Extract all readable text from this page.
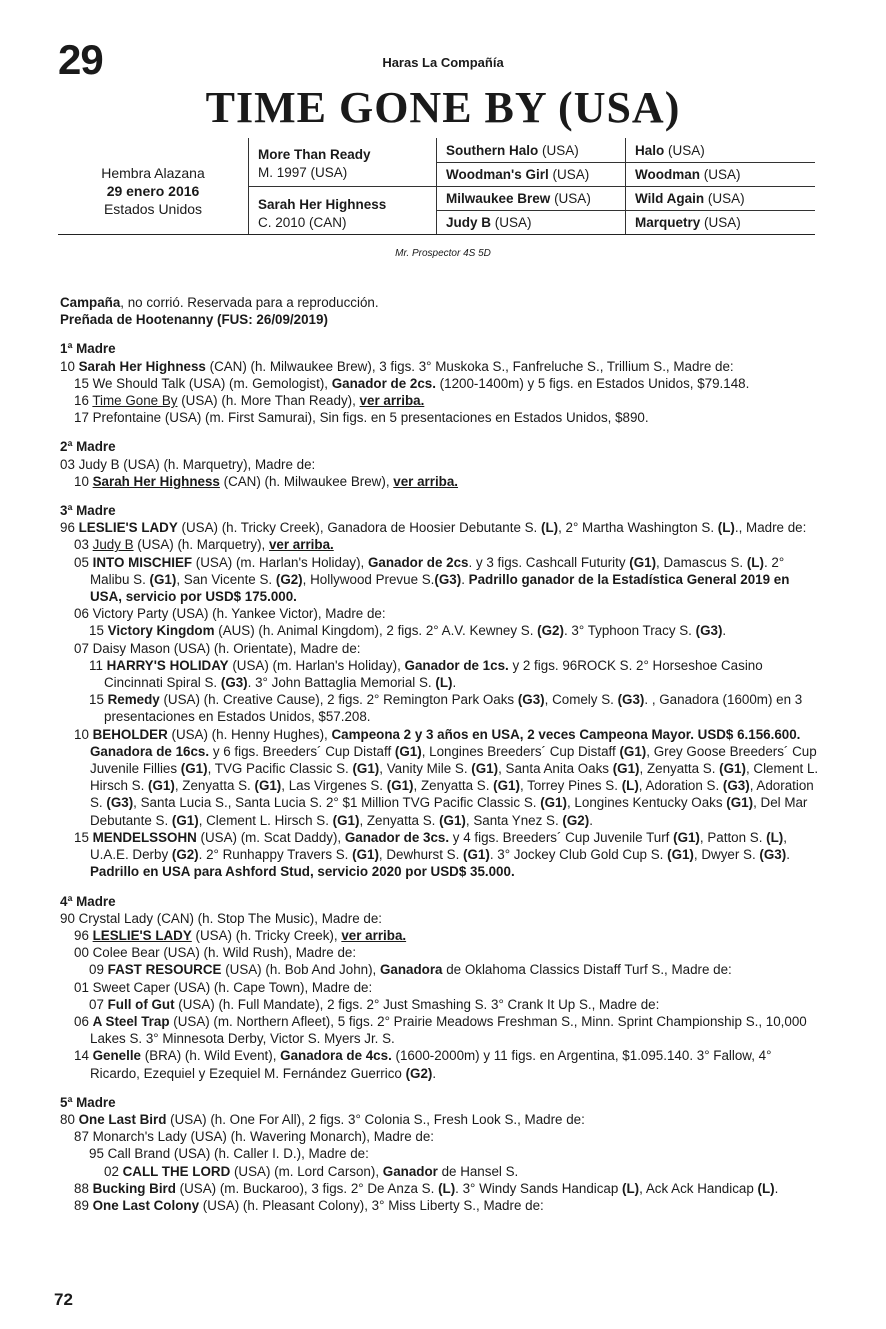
29	Haras La Compañía
TIME GONE BY (USA)
Hembra Alazana
29 enero 2016
Estados Unidos
More Than Ready
M. 1997 (USA)
Sarah Her Highness
C. 2010 (CAN)
Southern Halo (USA)
Woodman's Girl (USA)
Milwaukee Brew (USA)
Judy B (USA)
Halo (USA)
Woodman (USA)
Wild Again (USA)
Marquetry (USA)
Mr. Prospector 4S 5D

Campaña, no corrió. Reservada para a reproducción.

Preñada de Hootenanny (FUS: 26/09/2019)

1ª Madre

10 Sarah Her Highness (CAN) (h. Milwaukee Brew), 3 figs. 3° Muskoka S., Fanfreluche S., Trillium S., Madre de:

15 We Should Talk (USA) (m. Gemologist), Ganador de 2cs. (1200-1400m) y 5 figs. en Estados Unidos, $79.148.

16 Time Gone By (USA) (h. More Than Ready), ver arriba.

17 Prefontaine (USA) (m. First Samurai), Sin figs. en 5 presentaciones en Estados Unidos, $890.

2ª Madre

03 Judy B (USA) (h. Marquetry), Madre de:

10 Sarah Her Highness (CAN) (h. Milwaukee Brew), ver arriba.

3ª Madre

96 LESLIE'S LADY (USA) (h. Tricky Creek), Ganadora de Hoosier Debutante S. (L), 2° Martha Washington S. (L)., Madre de:

03 Judy B (USA) (h. Marquetry), ver arriba.

05 INTO MISCHIEF (USA) (m. Harlan's Holiday), Ganador de 2cs. y 3 figs. Cashcall Futurity (G1), Damascus S. (L). 2° Malibu S. (G1), San Vicente S. (G2), Hollywood Prevue S.(G3). Padrillo ganador de la Estadística General 2019 en USA, servicio por USD$ 175.000.

06 Victory Party (USA) (h. Yankee Victor), Madre de:

15 Victory Kingdom (AUS) (h. Animal Kingdom), 2 figs. 2° A.V. Kewney S. (G2). 3° Typhoon Tracy S. (G3).

07 Daisy Mason (USA) (h. Orientate), Madre de:

11 HARRY'S HOLIDAY (USA) (m. Harlan's Holiday), Ganador de 1cs. y 2 figs. 96ROCK S. 2° Horseshoe Casino Cincinnati Spiral S. (G3). 3° John Battaglia Memorial S. (L).

15 Remedy (USA) (h. Creative Cause), 2 figs. 2° Remington Park Oaks (G3), Comely S. (G3). , Ganadora (1600m) en 3 presentaciones en Estados Unidos, $57.208.

10 BEHOLDER (USA) (h. Henny Hughes), Campeona 2 y 3 años en USA, 2 veces Campeona Mayor. USD$ 6.156.600. Ganadora de 16cs. y 6 figs. Breeders´ Cup Distaff (G1), Longines Breeders´ Cup Distaff (G1), Grey Goose Breeders´ Cup Juvenile Fillies (G1), TVG Pacific Classic S. (G1), Vanity Mile S. (G1), Santa Anita Oaks (G1), Zenyatta S. (G1), Clement L. Hirsch S. (G1), Zenyatta S. (G1), Las Virgenes S. (G1), Zenyatta S. (G1), Torrey Pines S. (L), Adoration S. (G3), Adoration S. (G3), Santa Lucia S., Santa Lucia S. 2° $1 Million TVG Pacific Classic S. (G1), Longines Kentucky Oaks (G1), Del Mar Debutante S. (G1), Clement L. Hirsch S. (G1), Zenyatta S. (G1), Santa Ynez S. (G2).

15 MENDELSSOHN (USA) (m. Scat Daddy), Ganador de 3cs. y 4 figs. Breeders´ Cup Juvenile Turf (G1), Patton S. (L), U.A.E. Derby (G2). 2° Runhappy Travers S. (G1), Dewhurst S. (G1). 3° Jockey Club Gold Cup S. (G1), Dwyer S. (G3). Padrillo en USA para Ashford Stud, servicio 2020 por USD$ 35.000.

4ª Madre

90 Crystal Lady (CAN) (h. Stop The Music), Madre de:

96 LESLIE'S LADY (USA) (h. Tricky Creek), ver arriba.

00 Colee Bear (USA) (h. Wild Rush), Madre de:

09 FAST RESOURCE (USA) (h. Bob And John), Ganadora de Oklahoma Classics Distaff Turf S., Madre de:

01 Sweet Caper (USA) (h. Cape Town), Madre de:

07 Full of Gut (USA) (h. Full Mandate), 2 figs. 2° Just Smashing S. 3° Crank It Up S., Madre de:

06 A Steel Trap (USA) (m. Northern Afleet), 5 figs. 2° Prairie Meadows Freshman S., Minn. Sprint Championship S., 10,000 Lakes S. 3° Minnesota Derby, Victor S. Myers Jr. S.

14 Genelle (BRA) (h. Wild Event), Ganadora de 4cs. (1600-2000m) y 11 figs. en Argentina, $1.095.140. 3° Fallow, 4° Ricardo, Ezequiel y Ezequiel M. Fernández Guerrico (G2).

5ª Madre

80 One Last Bird (USA) (h. One For All), 2 figs. 3° Colonia S., Fresh Look S., Madre de:

87 Monarch's Lady (USA) (h. Wavering Monarch), Madre de:

95 Call Brand (USA) (h. Caller I. D.), Madre de:

02 CALL THE LORD (USA) (m. Lord Carson), Ganador de Hansel S.

88 Bucking Bird (USA) (m. Buckaroo), 3 figs. 2° De Anza S. (L). 3° Windy Sands Handicap (L), Ack Ack Handicap (L).

89 One Last Colony (USA) (h. Pleasant Colony), 3° Miss Liberty S., Madre de:

72
